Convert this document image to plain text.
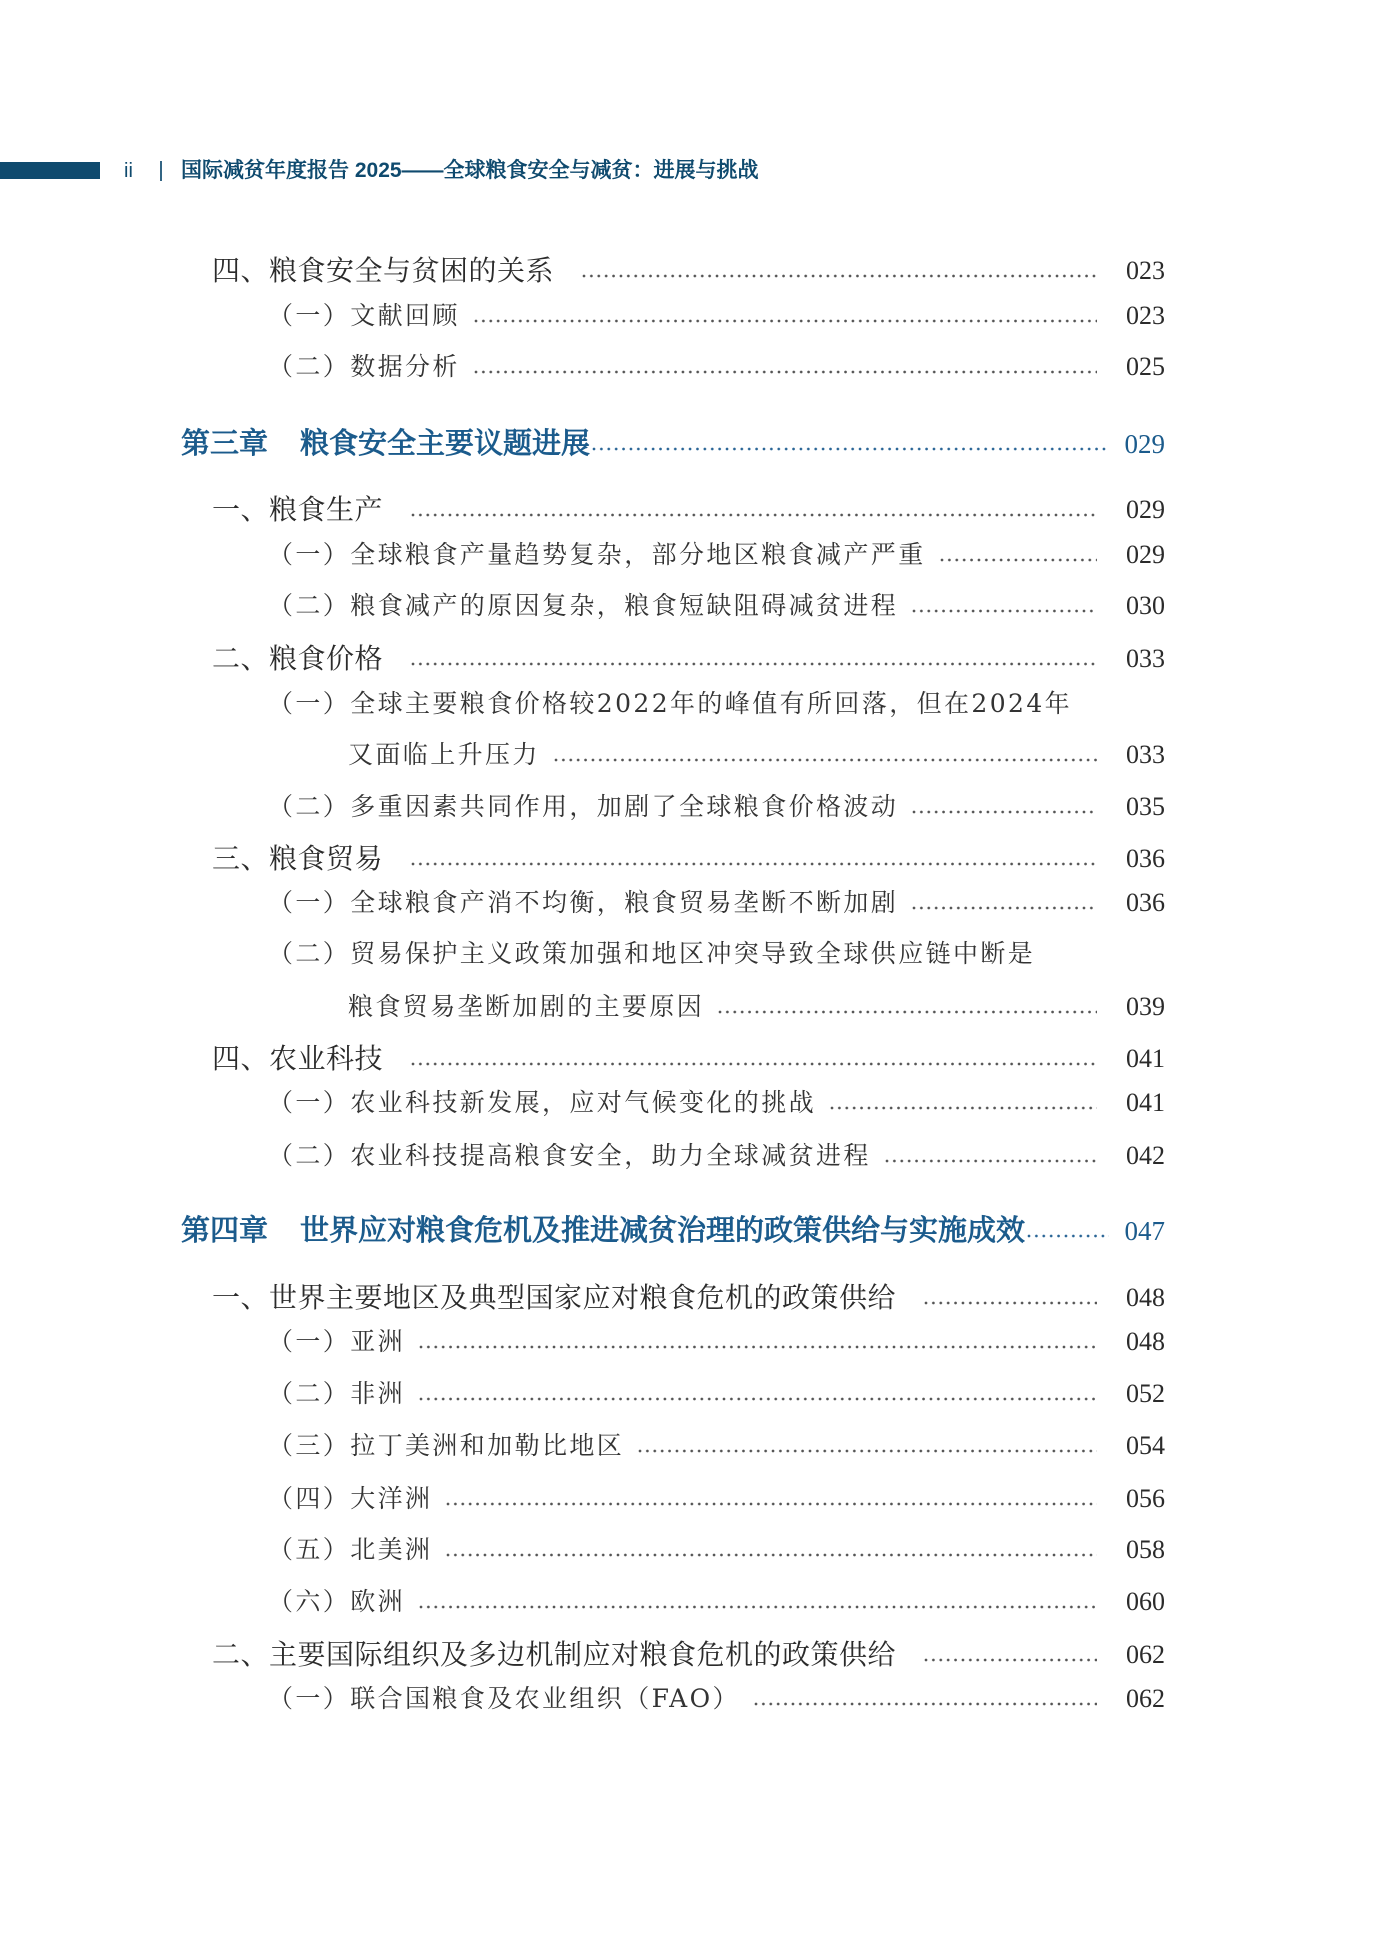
ii 国际减贫年度报告 2025——全球粮食安全与减贫：进展与挑战
四、粮食安全与贫困的关系	023
（一）文献回顾	023
（二）数据分析	025
第三章 粮食安全主要议题进展	029
一、粮食生产	029
（一）全球粮食产量趋势复杂，部分地区粮食减产严重	029
（二）粮食减产的原因复杂，粮食短缺阻碍减贫进程	030
二、粮食价格	033
（一）全球主要粮食价格较2022年的峰值有所回落，但在2024年
又面临上升压力	033
（二）多重因素共同作用，加剧了全球粮食价格波动	035
三、粮食贸易	036
（一）全球粮食产消不均衡，粮食贸易垄断不断加剧	036
（二）贸易保护主义政策加强和地区冲突导致全球供应链中断是
粮食贸易垄断加剧的主要原因	039
四、农业科技	041
（一）农业科技新发展，应对气候变化的挑战	041
（二）农业科技提高粮食安全，助力全球减贫进程	042
第四章 世界应对粮食危机及推进减贫治理的政策供给与实施成效	047
一、世界主要地区及典型国家应对粮食危机的政策供给	048
（一）亚洲	048
（二）非洲	052
（三）拉丁美洲和加勒比地区	054
（四）大洋洲	056
（五）北美洲	058
（六）欧洲	060
二、主要国际组织及多边机制应对粮食危机的政策供给	062
（一）联合国粮食及农业组织（FAO）	062
